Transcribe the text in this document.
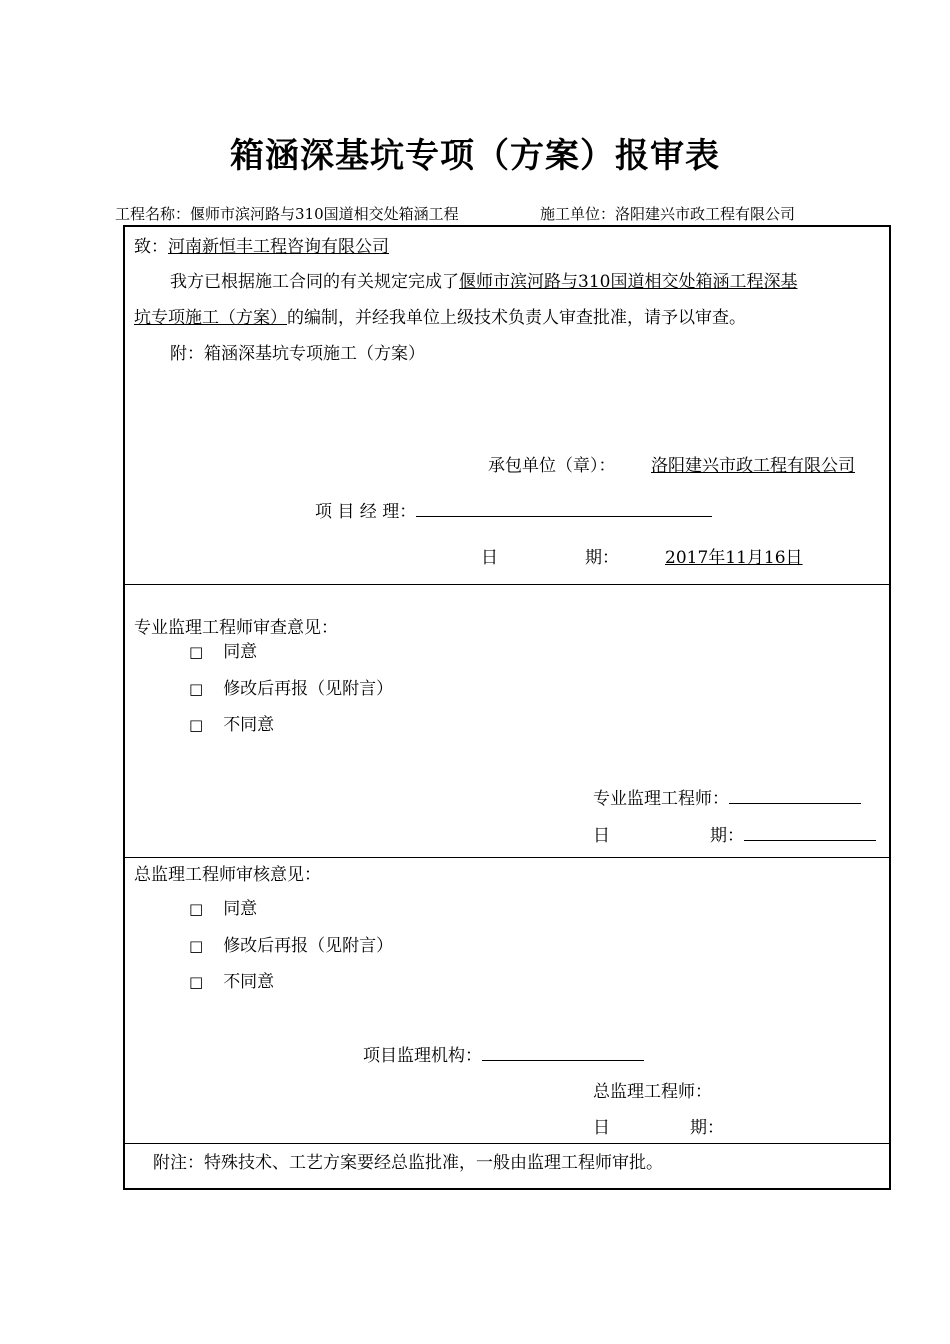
箱涵深基坑专项（方案）报审表
工程名称：偃师市滨河路与310国道相交处箱涵工程	施工单位：洛阳建兴市政工程有限公司
致：河南新恒丰工程咨询有限公司
我方已根据施工合同的有关规定完成了偃师市滨河路与310国道相交处箱涵工程深基
坑专项施工（方案）的编制，并经我单位上级技术负责人审查批准，请予以审查。
附：箱涵深基坑专项施工（方案）
承包单位（章）： 洛阳建兴市政工程有限公司
项 目 经 理：
日	期：	2017年11月16日
专业监理工程师审查意见：
□ 同意
□ 修改后再报（见附言）
□ 不同意
专业监理工程师：
日	期：
总监理工程师审核意见：
□ 同意
□ 修改后再报（见附言）
□ 不同意
项目监理机构：
总监理工程师：
日	期：
附注：特殊技术、工艺方案要经总监批准，一般由监理工程师审批。
